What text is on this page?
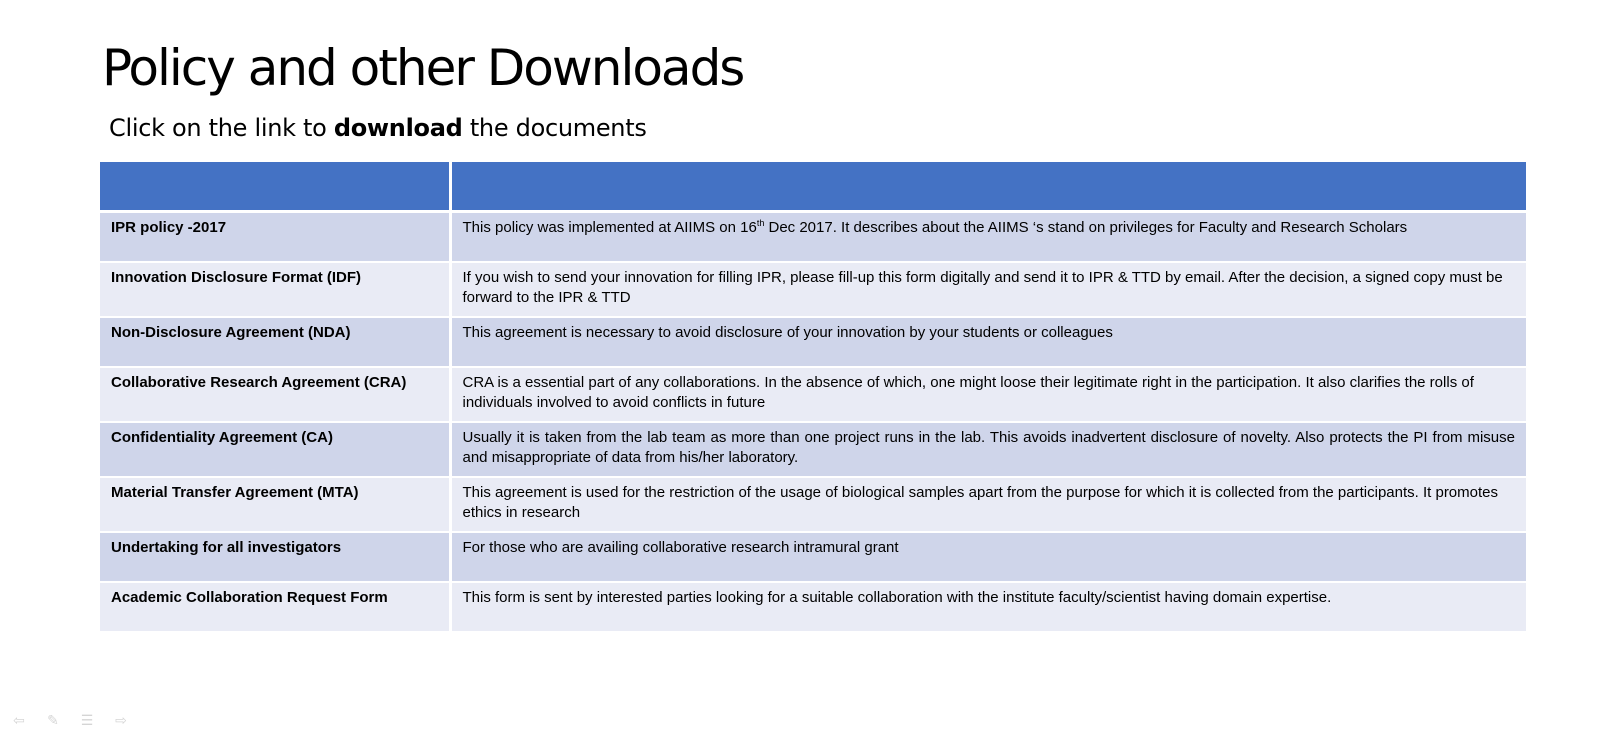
Policy and other Downloads

Click on the link to download the documents

IPR policy -2017	This policy was implemented at AIIMS on 16th Dec 2017. It describes about the AIIMS ‘s stand on privileges for Faculty and Research Scholars
Innovation Disclosure Format (IDF)	If you wish to send your innovation for filling IPR, please fill-up this form digitally and send it to IPR & TTD by email. After the decision, a signed copy must be forward to the IPR & TTD
Non-Disclosure Agreement (NDA)	This agreement is necessary to avoid disclosure of your innovation by your students or colleagues
Collaborative Research Agreement (CRA)	CRA is a essential part of any collaborations. In the absence of which, one might loose their legitimate right in the participation. It also clarifies the rolls of individuals involved to avoid conflicts in future
Confidentiality Agreement (CA)	Usually it is taken from the lab team as more than one project runs in the lab. This avoids inadvertent disclosure of novelty. Also protects the PI from misuse and misappropriate of data from his/her laboratory.
Material Transfer Agreement (MTA)	This agreement is used for the restriction of the usage of biological samples apart from the purpose for which it is collected from the participants. It promotes ethics in research
Undertaking for all investigators	For those who are availing collaborative research intramural grant
Academic Collaboration Request Form	This form is sent by interested parties looking for a suitable collaboration with the institute faculty/scientist having domain expertise.
⇦	✎	☰	⇨
